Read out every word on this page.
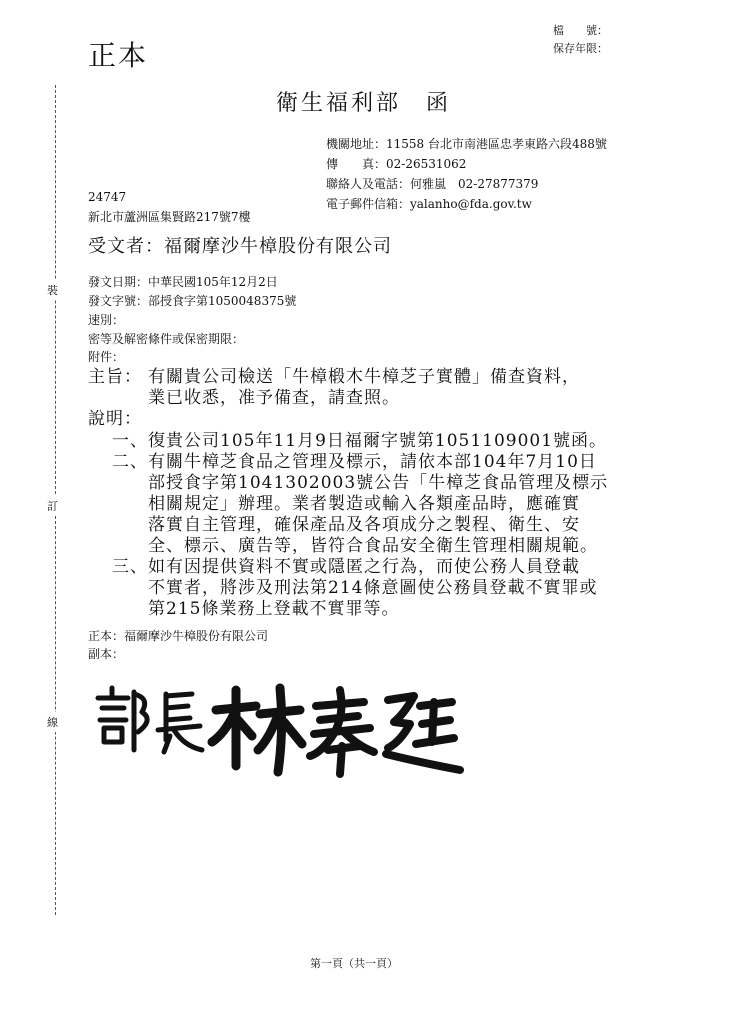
裝
訂
線
正本
檔　　號：
保存年限：
衛生福利部　函
機關地址：11558 台北市南港區忠孝東路六段488號
傳　　真：02-26531062
聯絡人及電話：何雅嵐　02-27877379
電子郵件信箱：yalanho@fda.gov.tw
24747
新北市蘆洲區集賢路217號7樓
受文者：福爾摩沙牛樟股份有限公司
發文日期：中華民國105年12月2日
發文字號：部授食字第1050048375號
速別：
密等及解密條件或保密期限：
附件：
主旨： 有關貴公司檢送「牛樟椴木牛樟芝子實體」備查資料，
業已收悉，准予備查，請查照。
說明：
一、復貴公司105年11月9日福爾字號第1051109001號函。
二、有關牛樟芝食品之管理及標示，請依本部104年7月10日
部授食字第1041302003號公告「牛樟芝食品管理及標示
相關規定」辦理。業者製造或輸入各類產品時，應確實
落實自主管理，確保產品及各項成分之製程、衛生、安
全、標示、廣告等，皆符合食品安全衛生管理相關規範。
三、如有因提供資料不實或隱匿之行為，而使公務人員登載
不實者，將涉及刑法第214條意圖使公務員登載不實罪或
第215條業務上登載不實罪等。
正本：福爾摩沙牛樟股份有限公司
副本：
第一頁（共一頁）
